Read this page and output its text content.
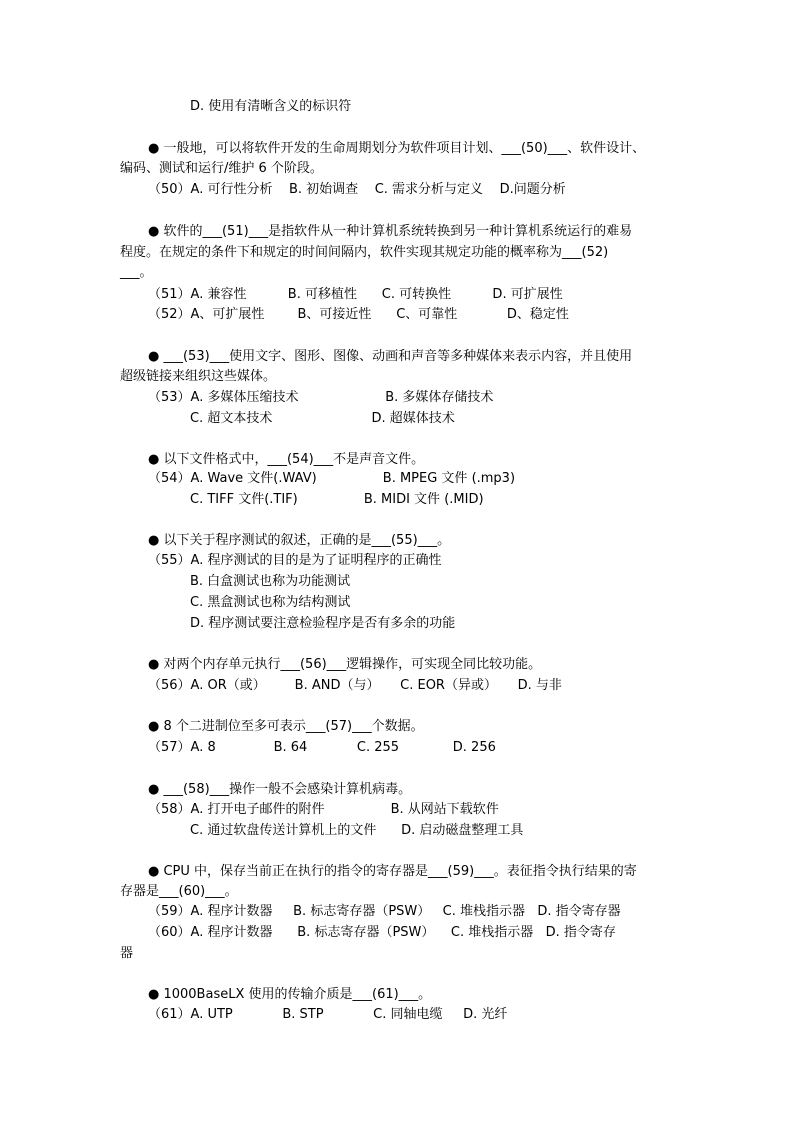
D. 使用有清晰含义的标识符
● 一般地，可以将软件开发的生命周期划分为软件项目计划、___(50)___、软件设计、
编码、测试和运行/维护 6 个阶段。
（50）A. 可行性分析    B. 初始调查    C. 需求分析与定义    D.问题分析
● 软件的___(51)___是指软件从一种计算机系统转换到另一种计算机系统运行的难易
程度。在规定的条件下和规定的时间间隔内，软件实现其规定功能的概率称为___(52)
___。
（51）A. 兼容性          B. 可移植性      C. 可转换性          D. 可扩展性
（52）A、可扩展性        B、可接近性      C、可靠性            D、稳定性
● ___(53)___使用文字、图形、图像、动画和声音等多种媒体来表示内容，并且使用
超级链接来组织这些媒体。
（53）A. 多媒体压缩技术                     B. 多媒体存储技术
C. 超文本技术                        D. 超媒体技术
● 以下文件格式中，___(54)___不是声音文件。
（54）A. Wave 文件(.WAV)                B. MPEG 文件 (.mp3)
C. TIFF 文件(.TIF)                B. MIDI 文件 (.MID)
● 以下关于程序测试的叙述，正确的是___(55)___。
（55）A. 程序测试的目的是为了证明程序的正确性
B. 白盒测试也称为功能测试
C. 黑盒测试也称为结构测试
D. 程序测试要注意检验程序是否有多余的功能
● 对两个内存单元执行___(56)___逻辑操作，可实现全同比较功能。
（56）A. OR（或）       B. AND（与）     C. EOR（异或）     D. 与非
● 8 个二进制位至多可表示___(57)___个数据。
（57）A. 8              B. 64            C. 255             D. 256
● ___(58)___操作一般不会感染计算机病毒。
（58）A. 打开电子邮件的附件                B. 从网站下载软件
C. 通过软盘传送计算机上的文件      D. 启动磁盘整理工具
● CPU 中，保存当前正在执行的指令的寄存器是___(59)___。表征指令执行结果的寄
存器是___(60)___。
（59）A. 程序计数器     B. 标志寄存器（PSW）   C. 堆栈指示器   D. 指令寄存器
（60）A. 程序计数器      B. 标志寄存器（PSW）    C. 堆栈指示器   D. 指令寄存
器
● 1000BaseLX 使用的传输介质是___(61)___。
（61）A. UTP            B. STP            C. 同轴电缆     D. 光纤
